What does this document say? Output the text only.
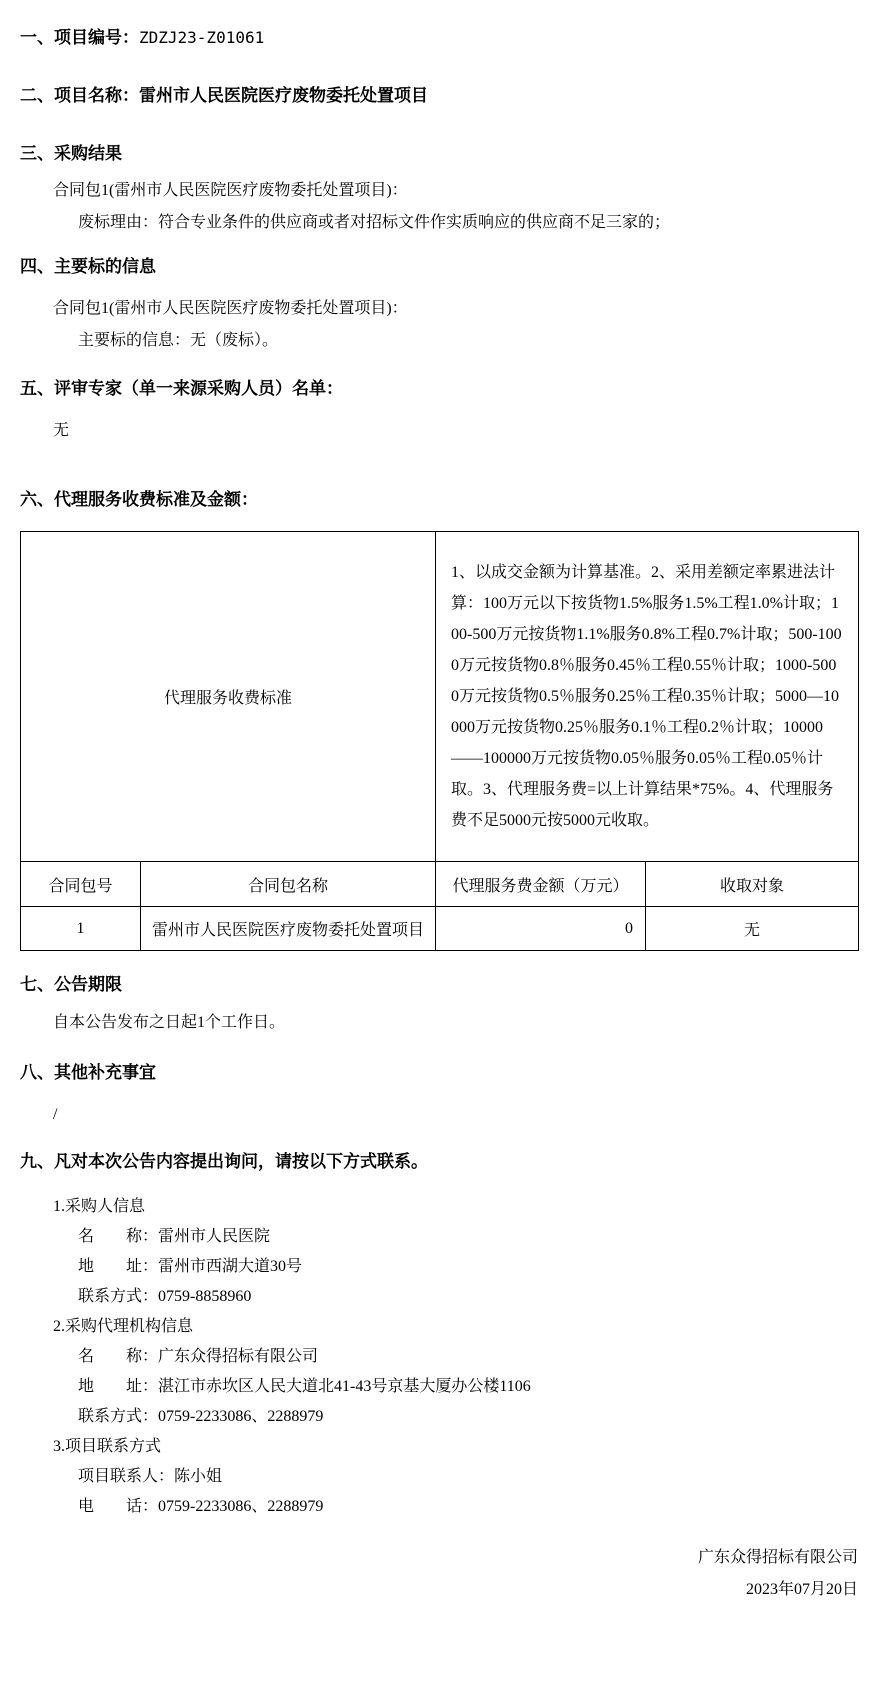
一、项目编号：ZDZJ23-Z01061

二、项目名称：雷州市人民医院医疗废物委托处置项目

三、采购结果

合同包1(雷州市人民医院医疗废物委托处置项目)：

废标理由：符合专业条件的供应商或者对招标文件作实质响应的供应商不足三家的；

四、主要标的信息

合同包1(雷州市人民医院医疗废物委托处置项目)：

主要标的信息：无（废标）。

五、评审专家（单一来源采购人员）名单：

无

六、代理服务收费标准及金额：

代理服务收费标准		1、以成交金额为计算基准。2、采用差额定率累进法计算：100万元以下按货物1.5%服务1.5%工程1.0%计取；100-500万元按货物1.1%服务0.8%工程0.7%计取；500-1000万元按货物0.8％服务0.45％工程0.55％计取；1000-5000万元按货物0.5％服务0.25％工程0.35％计取；5000—10000万元按货物0.25％服务0.1％工程0.2％计取；10000——100000万元按货物0.05％服务0.05％工程0.05％计取。3、代理服务费=以上计算结果*75%。4、代理服务费不足5000元按5000元收取。	

合同包号	合同包名称	代理服务费金额（万元）	收取对象
1	雷州市人民医院医疗废物委托处置项目	0	无

七、公告期限

自本公告发布之日起1个工作日。

八、其他补充事宜

/

九、凡对本次公告内容提出询问，请按以下方式联系。

1.采购人信息

名　　称：雷州市人民医院

地　　址：雷州市西湖大道30号

联系方式：0759-8858960

2.采购代理机构信息

名　　称：广东众得招标有限公司

地　　址：湛江市赤坎区人民大道北41-43号京基大厦办公楼1106

联系方式：0759-2233086、2288979

3.项目联系方式

项目联系人：陈小姐

电　　话：0759-2233086、2288979

广东众得招标有限公司

2023年07月20日
